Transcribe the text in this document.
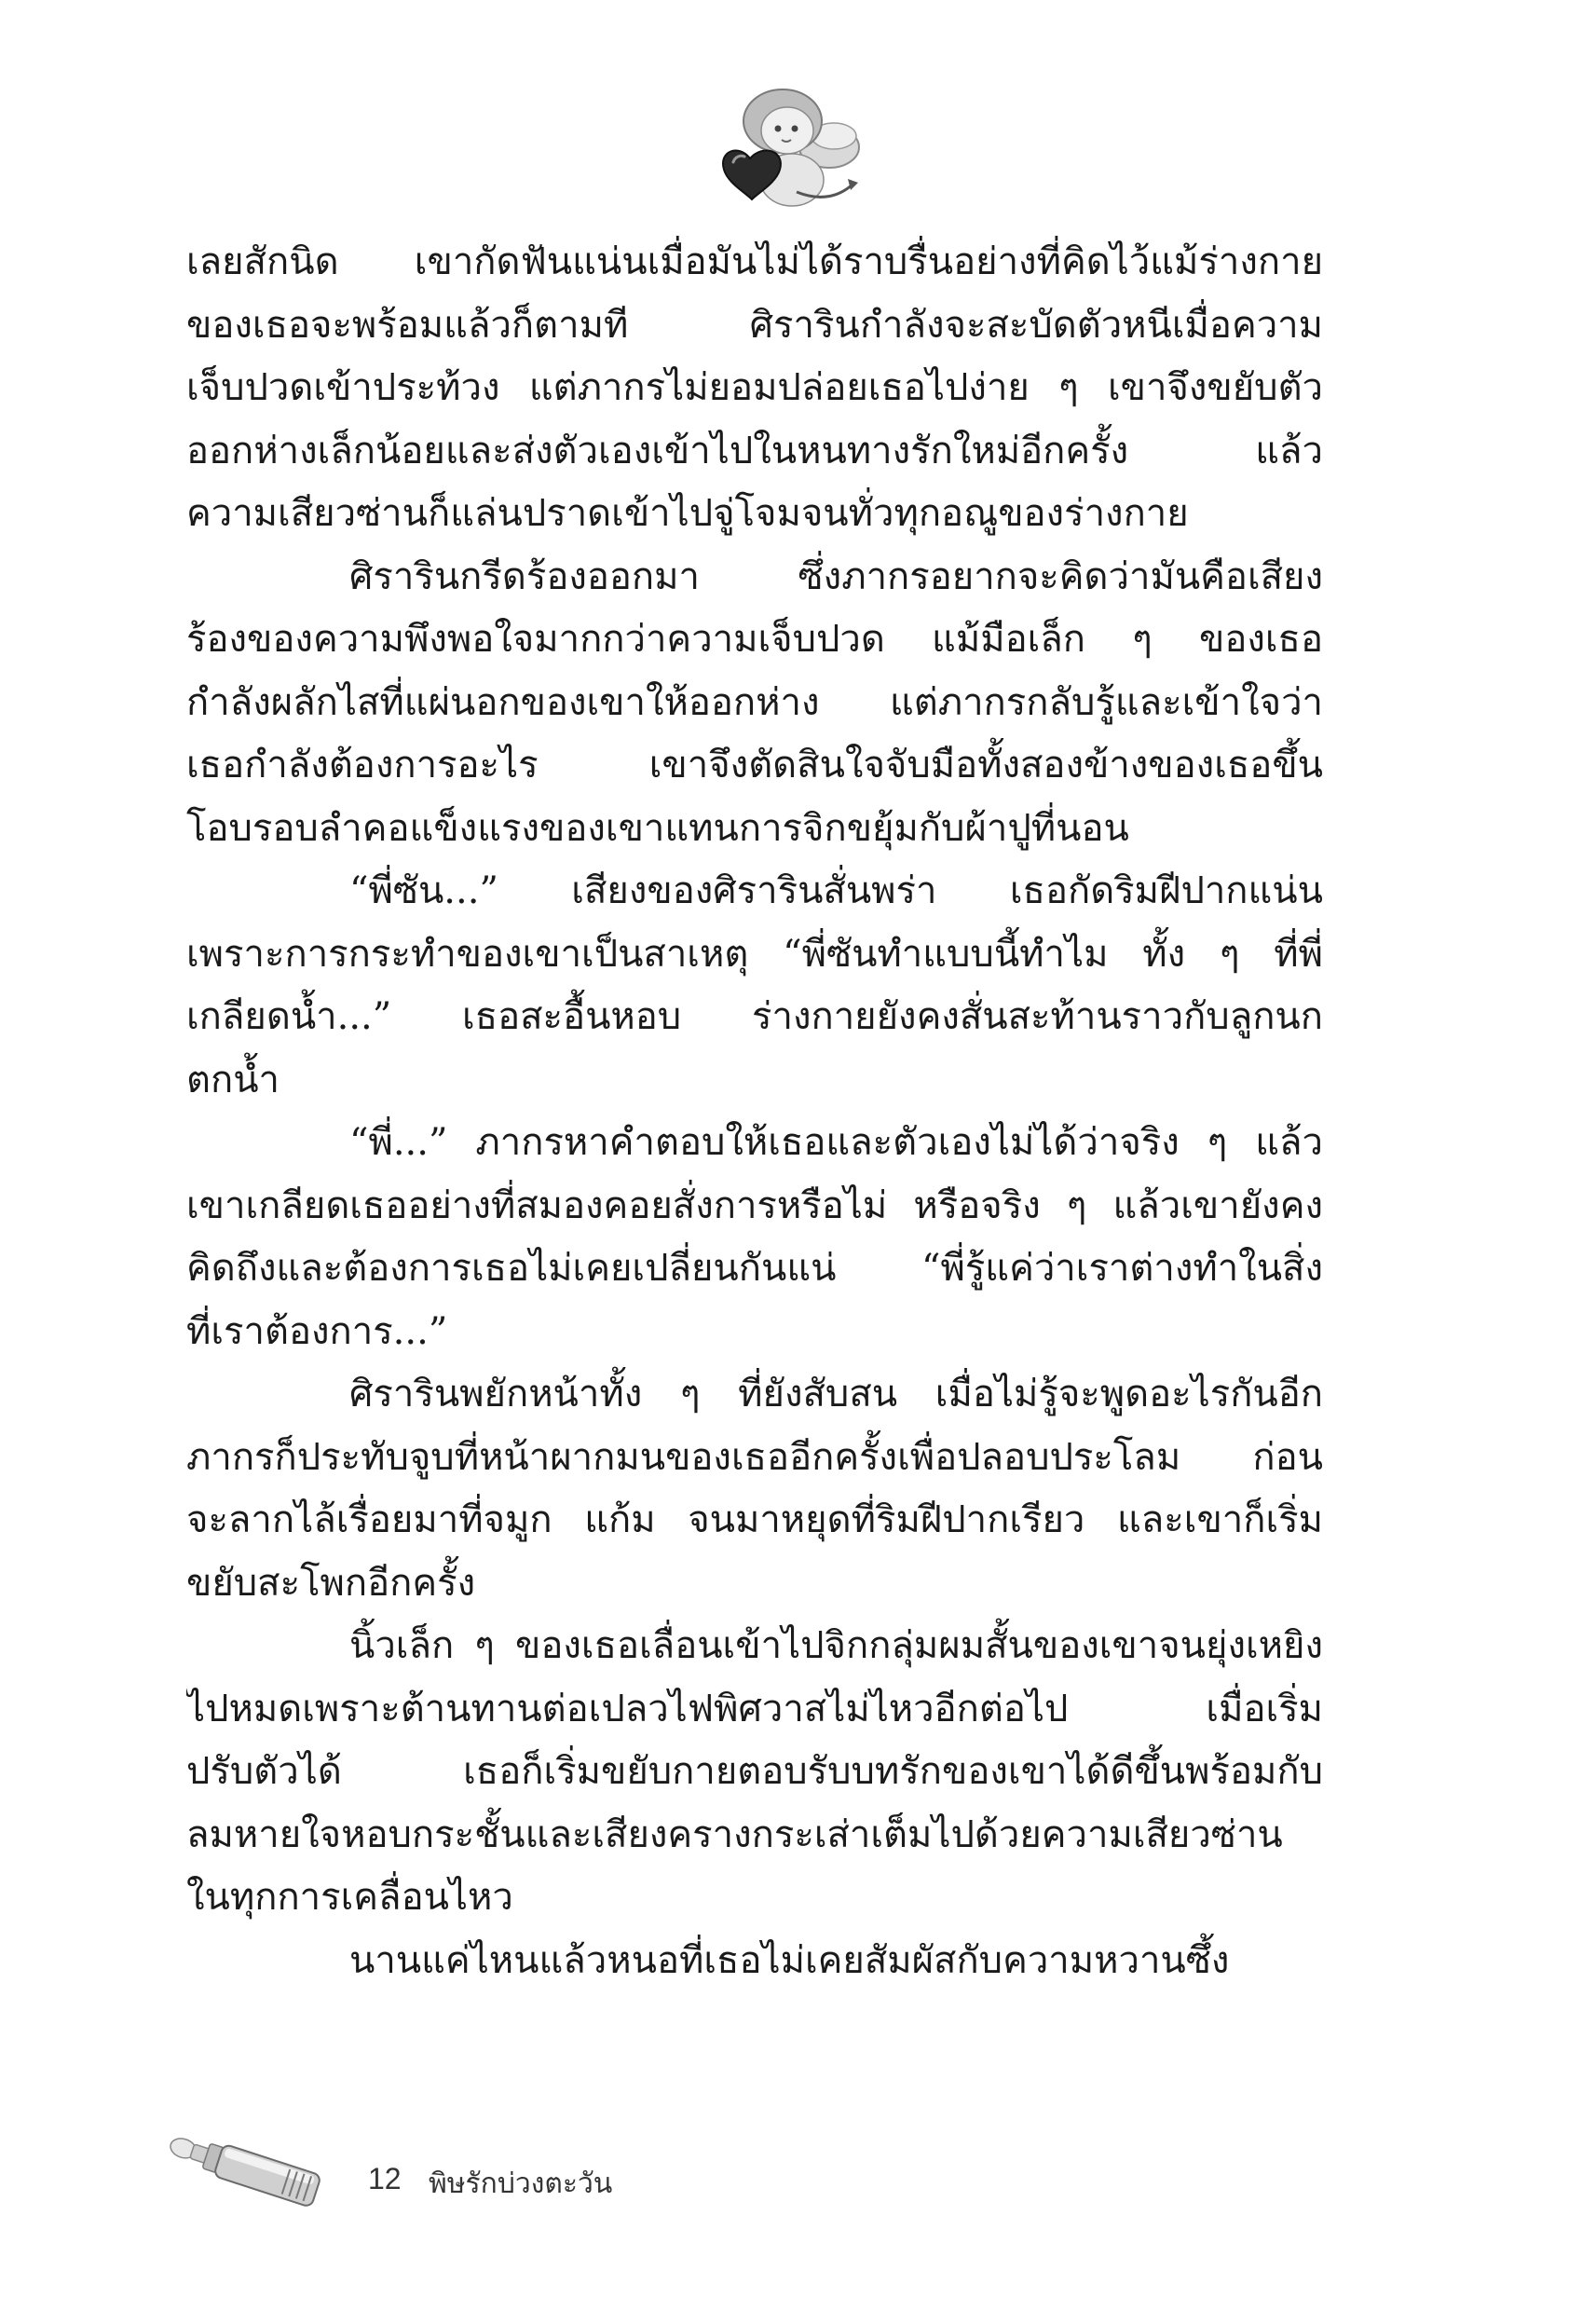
เลยสักนิด เขากัดฟันแน่นเมื่อมันไม่ได้ราบรื่นอย่างที่คิดไว้แม้ร่างกาย
ของเธอจะพร้อมแล้วก็ตามที ศิรารินกำลังจะสะบัดตัวหนีเมื่อความ
เจ็บปวดเข้าประท้วง แต่ภากรไม่ยอมปล่อยเธอไปง่าย ๆ เขาจึงขยับตัว
ออกห่างเล็กน้อยและส่งตัวเองเข้าไปในหนทางรักใหม่อีกครั้ง แล้ว
ความเสียวซ่านก็แล่นปราดเข้าไปจู่โจมจนทั่วทุกอณูของร่างกาย
ศิรารินกรีดร้องออกมา ซึ่งภากรอยากจะคิดว่ามันคือเสียง
ร้องของความพึงพอใจมากกว่าความเจ็บปวด แม้มือเล็ก ๆ ของเธอ
กำลังผลักไสที่แผ่นอกของเขาให้ออกห่าง แต่ภากรกลับรู้และเข้าใจว่า
เธอกำลังต้องการอะไร เขาจึงตัดสินใจจับมือทั้งสองข้างของเธอขึ้น
โอบรอบลำคอแข็งแรงของเขาแทนการจิกขยุ้มกับผ้าปูที่นอน
“พี่ซัน...” เสียงของศิรารินสั่นพร่า เธอกัดริมฝีปากแน่น
เพราะการกระทำของเขาเป็นสาเหตุ “พี่ซันทำแบบนี้ทำไม ทั้ง ๆ ที่พี่
เกลียดน้ำ...” เธอสะอื้นหอบ ร่างกายยังคงสั่นสะท้านราวกับลูกนก
ตกน้ำ
“พี่...” ภากรหาคำตอบให้เธอและตัวเองไม่ได้ว่าจริง ๆ แล้ว
เขาเกลียดเธออย่างที่สมองคอยสั่งการหรือไม่ หรือจริง ๆ แล้วเขายังคง
คิดถึงและต้องการเธอไม่เคยเปลี่ยนกันแน่ “พี่รู้แค่ว่าเราต่างทำในสิ่ง
ที่เราต้องการ...”
ศิรารินพยักหน้าทั้ง ๆ ที่ยังสับสน เมื่อไม่รู้จะพูดอะไรกันอีก
ภากรก็ประทับจูบที่หน้าผากมนของเธออีกครั้งเพื่อปลอบประโลม ก่อน
จะลากไล้เรื่อยมาที่จมูก แก้ม จนมาหยุดที่ริมฝีปากเรียว และเขาก็เริ่ม
ขยับสะโพกอีกครั้ง
นิ้วเล็ก ๆ ของเธอเลื่อนเข้าไปจิกกลุ่มผมสั้นของเขาจนยุ่งเหยิง
ไปหมดเพราะต้านทานต่อเปลวไฟพิศวาสไม่ไหวอีกต่อไป เมื่อเริ่ม
ปรับตัวได้ เธอก็เริ่มขยับกายตอบรับบทรักของเขาได้ดีขึ้นพร้อมกับ
ลมหายใจหอบกระชั้นและเสียงครางกระเส่าเต็มไปด้วยความเสียวซ่าน
ในทุกการเคลื่อนไหว
นานแค่ไหนแล้วหนอที่เธอไม่เคยสัมผัสกับความหวานซึ้ง
12 พิษรักบ่วงตะวัน
